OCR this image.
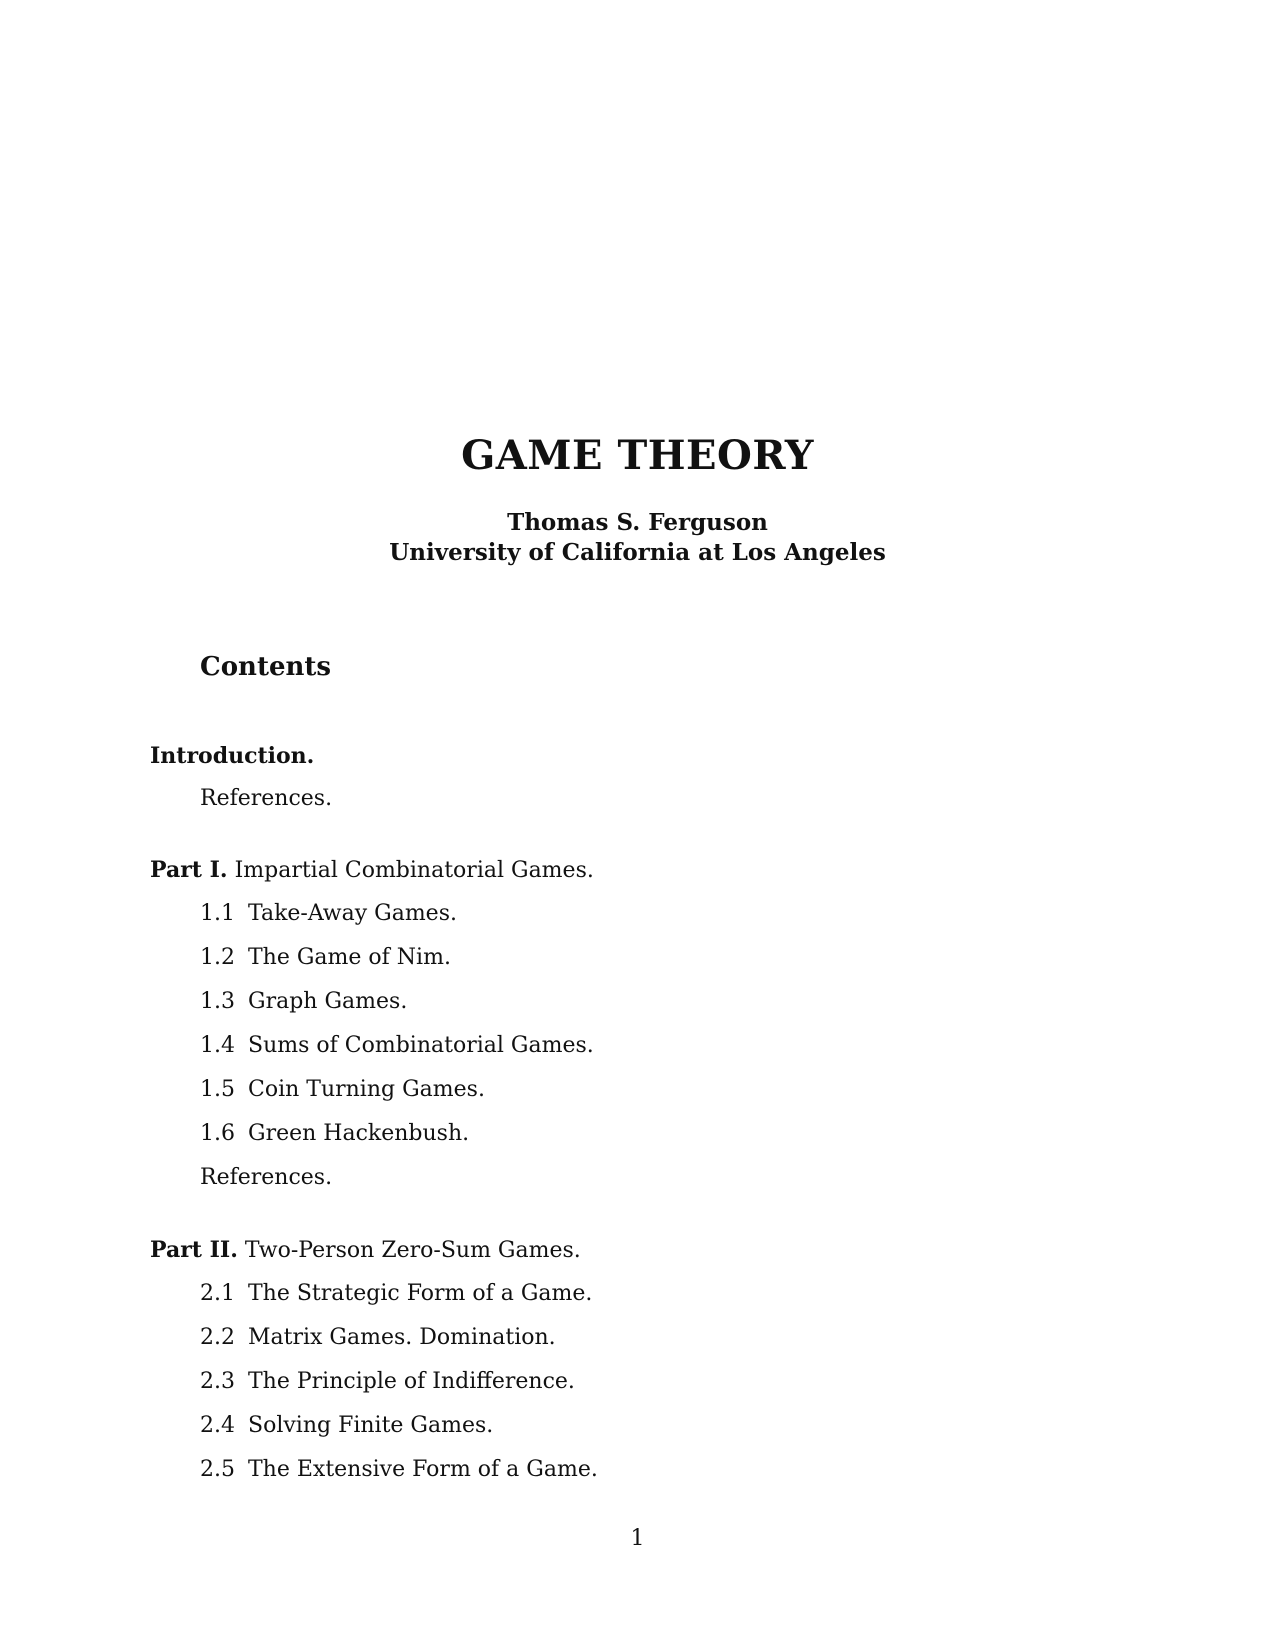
GAME THEORY
Thomas S. Ferguson
University of California at Los Angeles
Contents
Introduction.
References.
Part I. Impartial Combinatorial Games.
1.1 Take-Away Games.
1.2 The Game of Nim.
1.3 Graph Games.
1.4 Sums of Combinatorial Games.
1.5 Coin Turning Games.
1.6 Green Hackenbush.
References.
Part II. Two-Person Zero-Sum Games.
2.1 The Strategic Form of a Game.
2.2 Matrix Games. Domination.
2.3 The Principle of Indifference.
2.4 Solving Finite Games.
2.5 The Extensive Form of a Game.
1
